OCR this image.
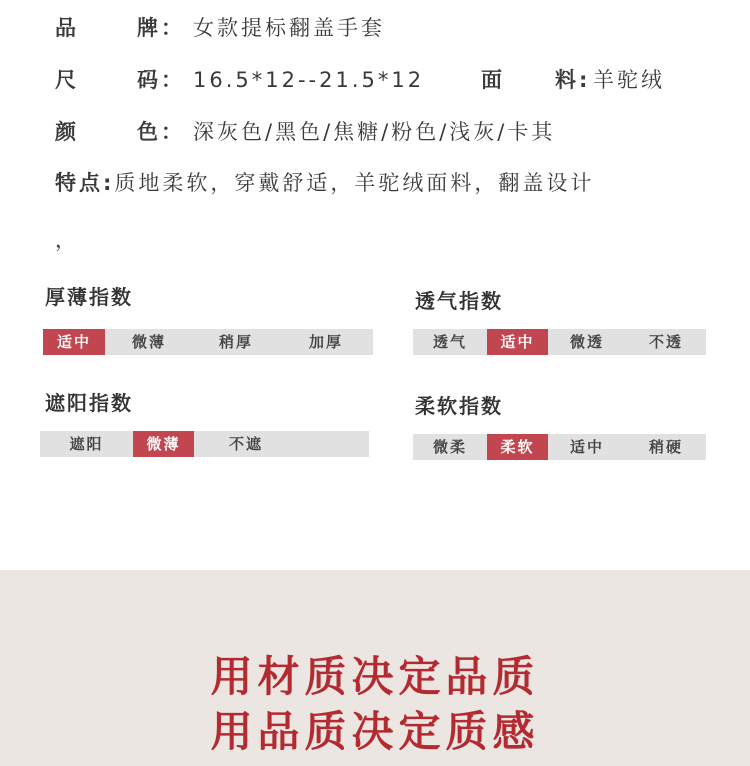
品	牌： 女款提标翻盖手套
尺	码： 16.5*12--21.5*12	面 料: 羊驼绒
颜	色： 深灰色/黑色/焦糖/粉色/浅灰/卡其
特点:质地柔软，穿戴舒适，羊驼绒面料，翻盖设计
，
厚薄指数
适中	微薄	稍厚	加厚
透气指数
透气	适中	微透	不透
遮阳指数
遮阳	微薄	不遮
柔软指数
微柔	柔软	适中	稍硬
用材质决定品质
用品质决定质感
